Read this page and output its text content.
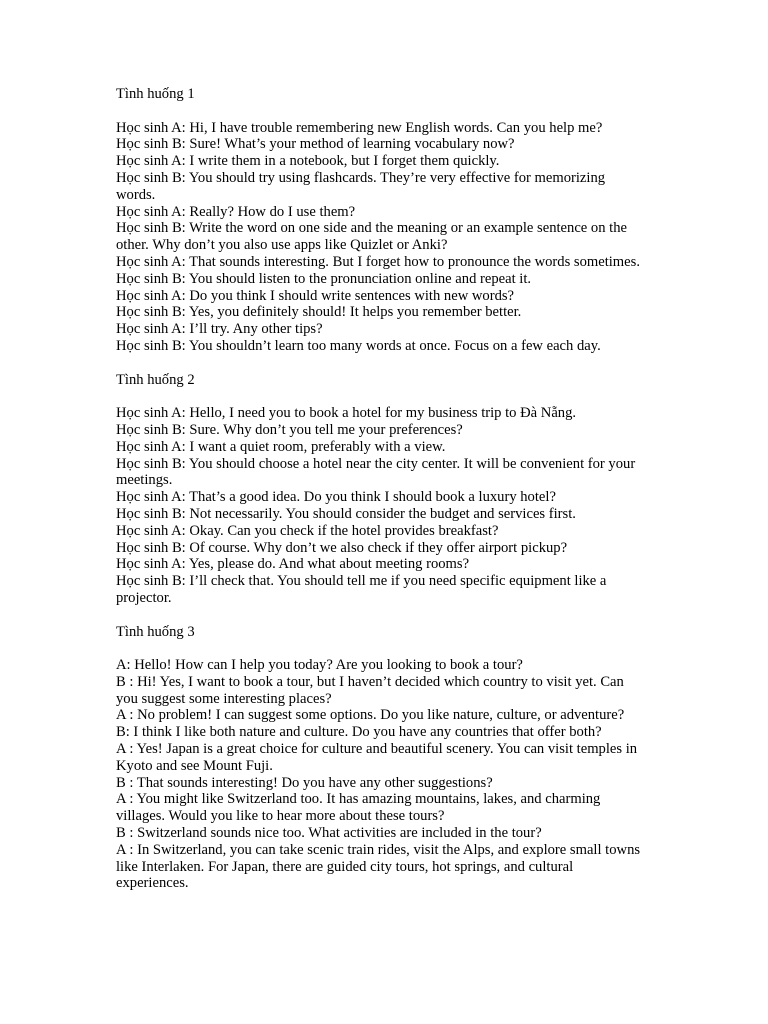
Tình huống 1

Học sinh A: Hi, I have trouble remembering new English words. Can you help me?

Học sinh B: Sure! What’s your method of learning vocabulary now?

Học sinh A: I write them in a notebook, but I forget them quickly.

Học sinh B: You should try using flashcards. They’re very effective for memorizing words.

Học sinh A: Really? How do I use them?

Học sinh B: Write the word on one side and the meaning or an example sentence on the other. Why don’t you also use apps like Quizlet or Anki?

Học sinh A: That sounds interesting. But I forget how to pronounce the words sometimes.

Học sinh B: You should listen to the pronunciation online and repeat it.

Học sinh A: Do you think I should write sentences with new words?

Học sinh B: Yes, you definitely should! It helps you remember better.

Học sinh A: I’ll try. Any other tips?

Học sinh B: You shouldn’t learn too many words at once. Focus on a few each day.

Tình huống 2

Học sinh A: Hello, I need you to book a hotel for my business trip to Đà Nẵng.

Học sinh B: Sure. Why don’t you tell me your preferences?

Học sinh A: I want a quiet room, preferably with a view.

Học sinh B: You should choose a hotel near the city center. It will be convenient for your meetings.

Học sinh A: That’s a good idea. Do you think I should book a luxury hotel?

Học sinh B: Not necessarily. You should consider the budget and services first.

Học sinh A: Okay. Can you check if the hotel provides breakfast?

Học sinh B: Of course. Why don’t we also check if they offer airport pickup?

Học sinh A: Yes, please do. And what about meeting rooms?

Học sinh B: I’ll check that. You should tell me if you need specific equipment like a projector.

Tình huống 3

A: Hello! How can I help you today? Are you looking to book a tour?

B : Hi! Yes, I want to book a tour, but I haven’t decided which country to visit yet. Can you suggest some interesting places?

A : No problem! I can suggest some options. Do you like nature, culture, or adventure?

B: I think I like both nature and culture. Do you have any countries that offer both?

A : Yes! Japan is a great choice for culture and beautiful scenery. You can visit temples in Kyoto and see Mount Fuji.

B : That sounds interesting! Do you have any other suggestions?

A : You might like Switzerland too. It has amazing mountains, lakes, and charming villages. Would you like to hear more about these tours?

B : Switzerland sounds nice too. What activities are included in the tour?

A : In Switzerland, you can take scenic train rides, visit the Alps, and explore small towns like Interlaken. For Japan, there are guided city tours, hot springs, and cultural experiences.
